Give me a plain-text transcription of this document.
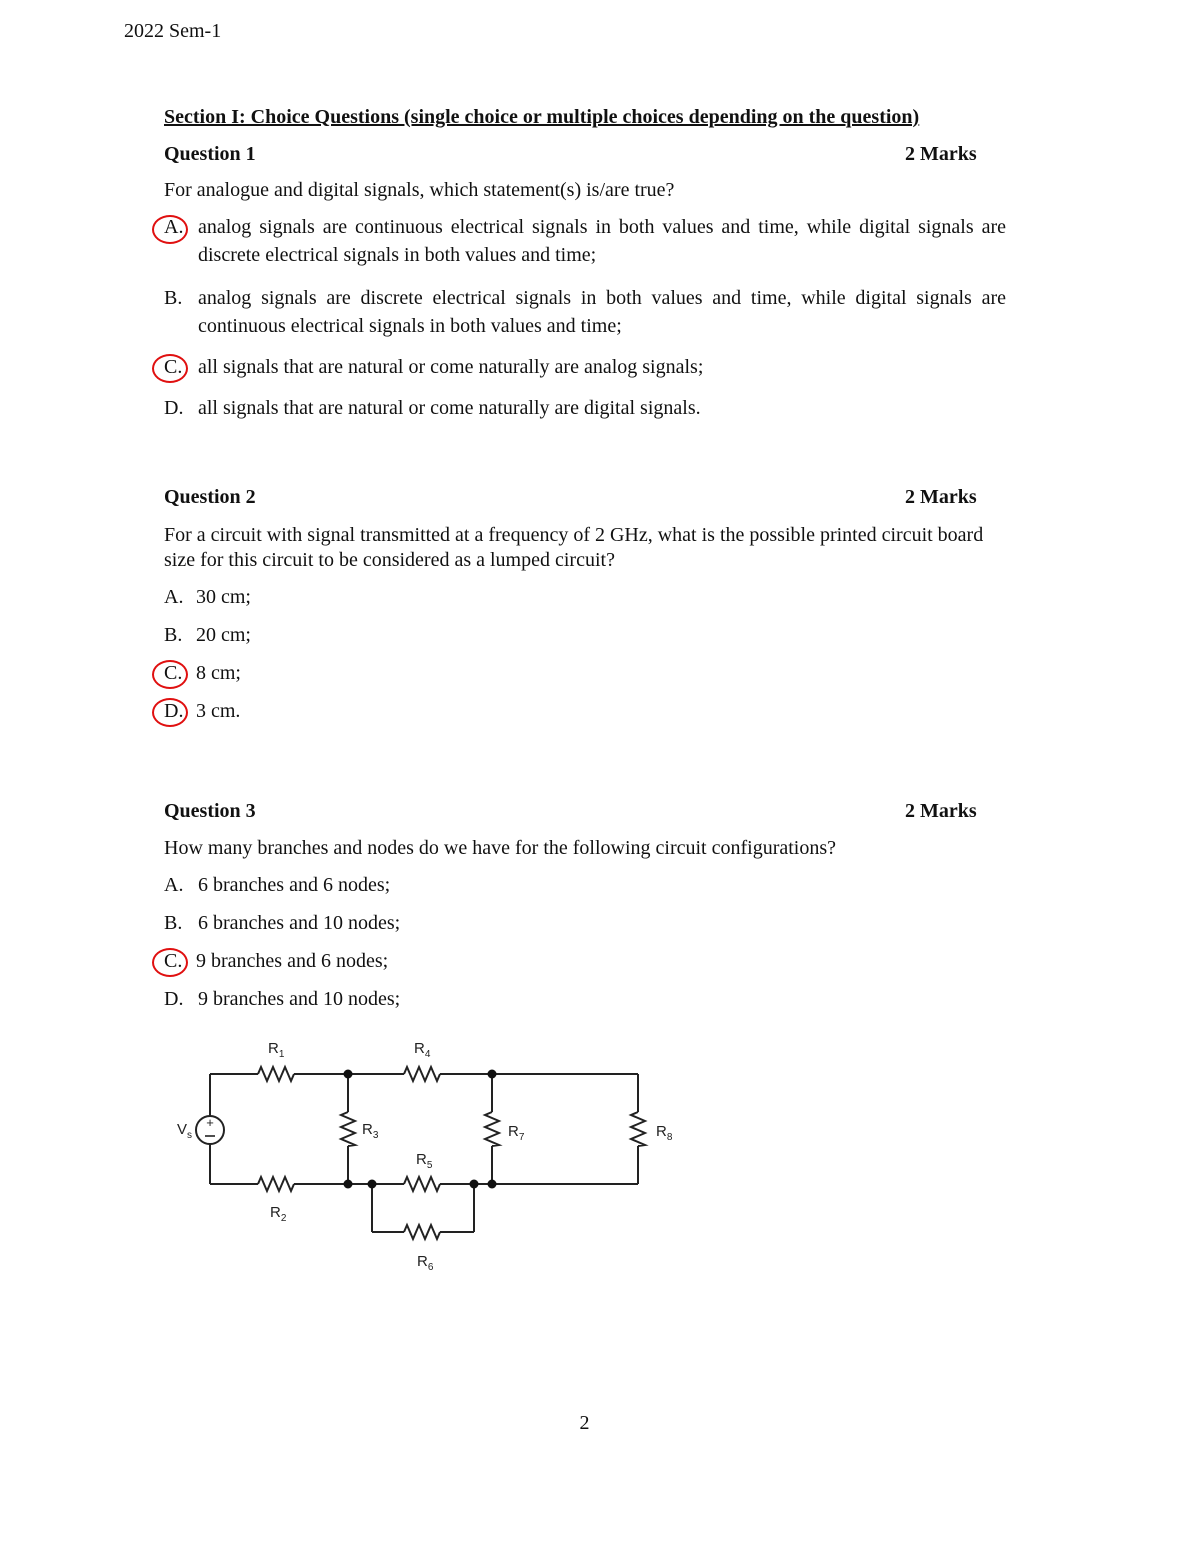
2022 Sem-1
Section I: Choice Questions (single choice or multiple choices depending on the question)
Question 1	2 Marks
For analogue and digital signals, which statement(s) is/are true?
A. analog signals are continuous electrical signals in both values and time, while digital signals are discrete electrical signals in both values and time;
B. analog signals are discrete electrical signals in both values and time, while digital signals are continuous electrical signals in both values and time;
C. all signals that are natural or come naturally are analog signals;
D. all signals that are natural or come naturally are digital signals.
Question 2	2 Marks
For a circuit with signal transmitted at a frequency of 2 GHz, what is the possible printed circuit board size for this circuit to be considered as a lumped circuit?
A. 30 cm;
B. 20 cm;
C. 8 cm;
D. 3 cm.
Question 3	2 Marks
How many branches and nodes do we have for the following circuit configurations?
A. 6 branches and 6 nodes;
B. 6 branches and 10 nodes;
C. 9 branches and 6 nodes;
D. 9 branches and 10 nodes;
+
$V_s$
$R_1$
$R_2$
$R_3$
$R_4$
$R_5$
$R_6$
$R_7$	$R_8$
2
